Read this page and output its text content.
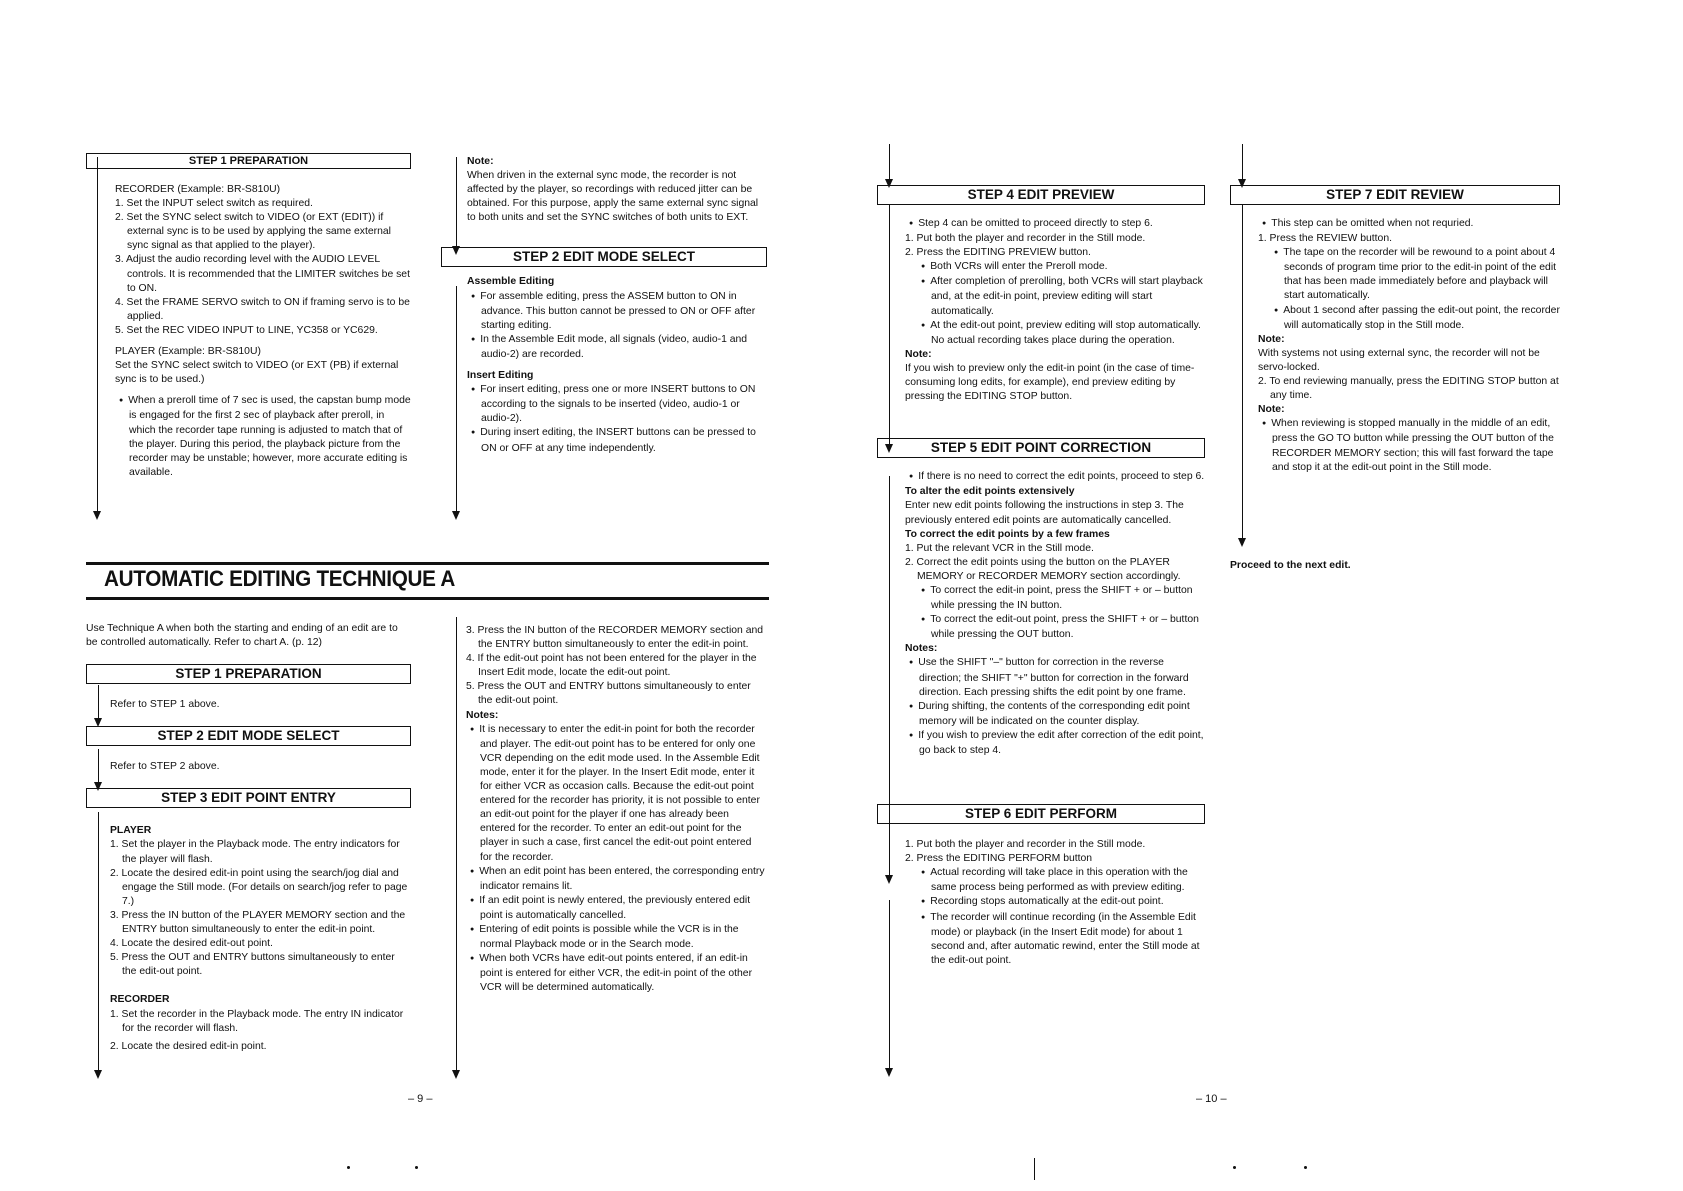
STEP 1 PREPARATION

RECORDER (Example: BR-S810U)

1. Set the INPUT select switch as required.

2. Set the SYNC select switch to VIDEO (or EXT (EDIT)) if external sync is to be used by applying the same external sync signal as that applied to the player).

3. Adjust the audio recording level with the AUDIO LEVEL controls. It is recommended that the LIMITER switches be set to ON.

4. Set the FRAME SERVO switch to ON if framing servo is to be applied.

5. Set the REC VIDEO INPUT to LINE, YC358 or YC629.

PLAYER (Example: BR-S810U)

Set the SYNC select switch to VIDEO (or EXT (PB) if external sync is to be used.)

● When a preroll time of 7 sec is used, the capstan bump mode is engaged for the first 2 sec of playback after preroll, in which the recorder tape running is adjusted to match that of the player. During this period, the playback picture from the recorder may be unstable; however, more accurate editing is available.

Note:

When driven in the external sync mode, the recorder is not affected by the player, so recordings with reduced jitter can be obtained. For this purpose, apply the same external sync signal to both units and set the SYNC switches of both units to EXT.

STEP 2 EDIT MODE SELECT

Assemble Editing

● For assemble editing, press the ASSEM button to ON in advance. This button cannot be pressed to ON or OFF after starting editing.

● In the Assemble Edit mode, all signals (video, audio-1 and audio-2) are recorded.

Insert Editing

● For insert editing, press one or more INSERT buttons to ON according to the signals to be inserted (video, audio-1 or audio-2).

● During insert editing, the INSERT buttons can be pressed to ON or OFF at any time independently.

AUTOMATIC EDITING TECHNIQUE A

Use Technique A when both the starting and ending of an edit are to be controlled automatically. Refer to chart A. (p. 12)

STEP 1 PREPARATION

Refer to STEP 1 above.

STEP 2 EDIT MODE SELECT

Refer to STEP 2 above.

STEP 3 EDIT POINT ENTRY

PLAYER

1. Set the player in the Playback mode. The entry indicators for the player will flash.

2. Locate the desired edit-in point using the search/jog dial and engage the Still mode. (For details on search/jog refer to page 7.)

3. Press the IN button of the PLAYER MEMORY section and the ENTRY button simultaneously to enter the edit-in point.

4. Locate the desired edit-out point.

5. Press the OUT and ENTRY buttons simultaneously to enter the edit-out point.

RECORDER

1. Set the recorder in the Playback mode. The entry IN indicator for the recorder will flash.

2. Locate the desired edit-in point.

3. Press the IN button of the RECORDER MEMORY section and the ENTRY button simultaneously to enter the edit-in point.

4. If the edit-out point has not been entered for the player in the Insert Edit mode, locate the edit-out point.

5. Press the OUT and ENTRY buttons simultaneously to enter the edit-out point.

Notes:

● It is necessary to enter the edit-in point for both the recorder and player. The edit-out point has to be entered for only one VCR depending on the edit mode used. In the Assemble Edit mode, enter it for the player. In the Insert Edit mode, enter it for either VCR as occasion calls. Because the edit-out point entered for the recorder has priority, it is not possible to enter an edit-out point for the player if one has already been entered for the recorder. To enter an edit-out point for the player in such a case, first cancel the edit-out point entered for the recorder.

● When an edit point has been entered, the corresponding entry indicator remains lit.

● If an edit point is newly entered, the previously entered edit point is automatically cancelled.

● Entering of edit points is possible while the VCR is in the normal Playback mode or in the Search mode.

● When both VCRs have edit-out points entered, if an edit-in point is entered for either VCR, the edit-in point of the other VCR will be determined automatically.

– 9 –
STEP 4 EDIT PREVIEW

● Step 4 can be omitted to proceed directly to step 6.

1. Put both the player and recorder in the Still mode.

2. Press the EDITING PREVIEW button.

● Both VCRs will enter the Preroll mode.

● After completion of prerolling, both VCRs will start playback and, at the edit-in point, preview editing will start automatically.

● At the edit-out point, preview editing will stop automatically. No actual recording takes place during the operation.

Note:

If you wish to preview only the edit-in point (in the case of time-consuming long edits, for example), end preview editing by pressing the EDITING STOP button.

STEP 5 EDIT POINT CORRECTION

● If there is no need to correct the edit points, proceed to step 6.

To alter the edit points extensively

Enter new edit points following the instructions in step 3. The previously entered edit points are automatically cancelled.

To correct the edit points by a few frames

1. Put the relevant VCR in the Still mode.

2. Correct the edit points using the button on the PLAYER MEMORY or RECORDER MEMORY section accordingly.

● To correct the edit-in point, press the SHIFT + or – button while pressing the IN button.

● To correct the edit-out point, press the SHIFT + or – button while pressing the OUT button.

Notes:

● Use the SHIFT "–" button for correction in the reverse direction; the SHIFT "+" button for correction in the forward direction. Each pressing shifts the edit point by one frame.

● During shifting, the contents of the corresponding edit point memory will be indicated on the counter display.

● If you wish to preview the edit after correction of the edit point, go back to step 4.

STEP 6 EDIT PERFORM

1. Put both the player and recorder in the Still mode.

2. Press the EDITING PERFORM button

● Actual recording will take place in this operation with the same process being performed as with preview editing.

● Recording stops automatically at the edit-out point.

● The recorder will continue recording (in the Assemble Edit mode) or playback (in the Insert Edit mode) for about 1 second and, after automatic rewind, enter the Still mode at the edit-out point.

STEP 7 EDIT REVIEW

● This step can be omitted when not requried.

1. Press the REVIEW button.

● The tape on the recorder will be rewound to a point about 4 seconds of program time prior to the edit-in point of the edit that has been made immediately before and playback will start automatically.

● About 1 second after passing the edit-out point, the recorder will automatically stop in the Still mode.

Note:

With systems not using external sync, the recorder will not be servo-locked.

2. To end reviewing manually, press the EDITING STOP button at any time.

Note:

● When reviewing is stopped manually in the middle of an edit, press the GO TO button while pressing the OUT button of the RECORDER MEMORY section; this will fast forward the tape and stop it at the edit-out point in the Still mode.

Proceed to the next edit.
– 10 –
